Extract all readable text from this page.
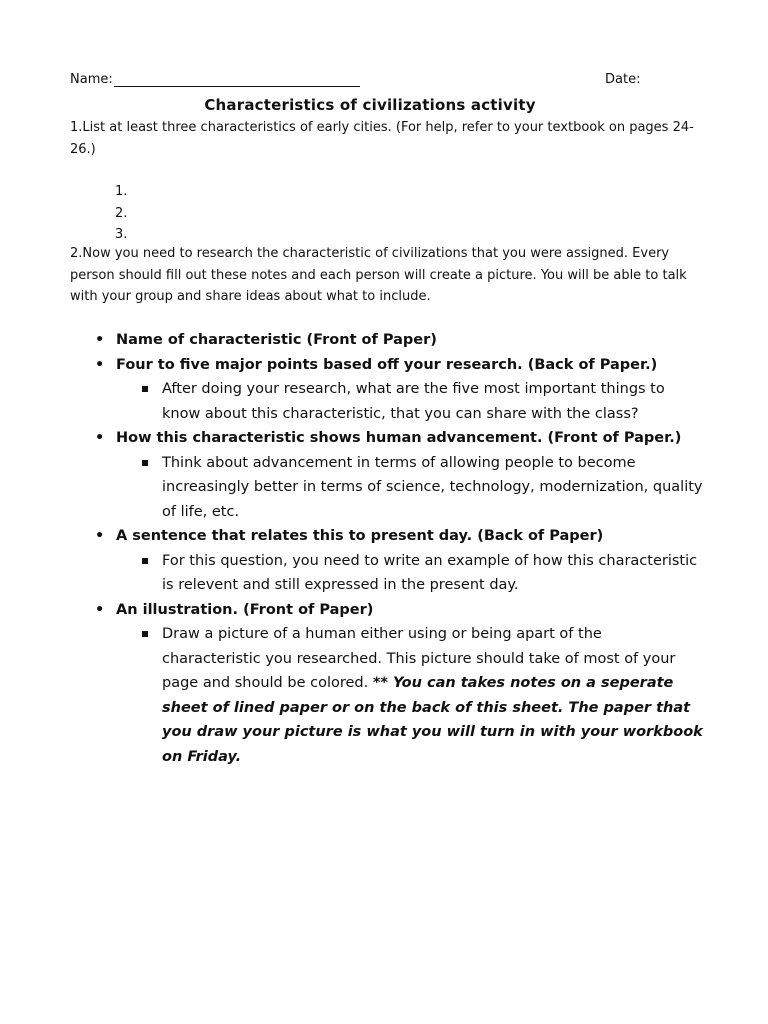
Name:	Date:
Characteristics of civilizations activity
1.List at least three characteristics of early cities. (For help, refer to your textbook on pages 24-26.)
1.
2.
3.
2.Now you need to research the characteristic of civilizations that you were assigned. Every person should fill out these notes and each person will create a picture. You will be able to talk with your group and share ideas about what to include.
• Name of characteristic (Front of Paper)
• Four to five major points based off your research. (Back of Paper.)
After doing your research, what are the five most important things to know about this characteristic, that you can share with the class?
• How this characteristic shows human advancement. (Front of Paper.)
Think about advancement in terms of allowing people to become increasingly better in terms of science, technology, modernization, quality of life, etc.
• A sentence that relates this to present day. (Back of Paper)
For this question, you need to write an example of how this characteristic is relevent and still expressed in the present day.
• An illustration. (Front of Paper)
Draw a picture of a human either using or being apart of the characteristic you researched. This picture should take of most of your page and should be colored. ** You can takes notes on a seperate sheet of lined paper or on the back of this sheet. The paper that you draw your picture is what you will turn in with your workbook on Friday.
